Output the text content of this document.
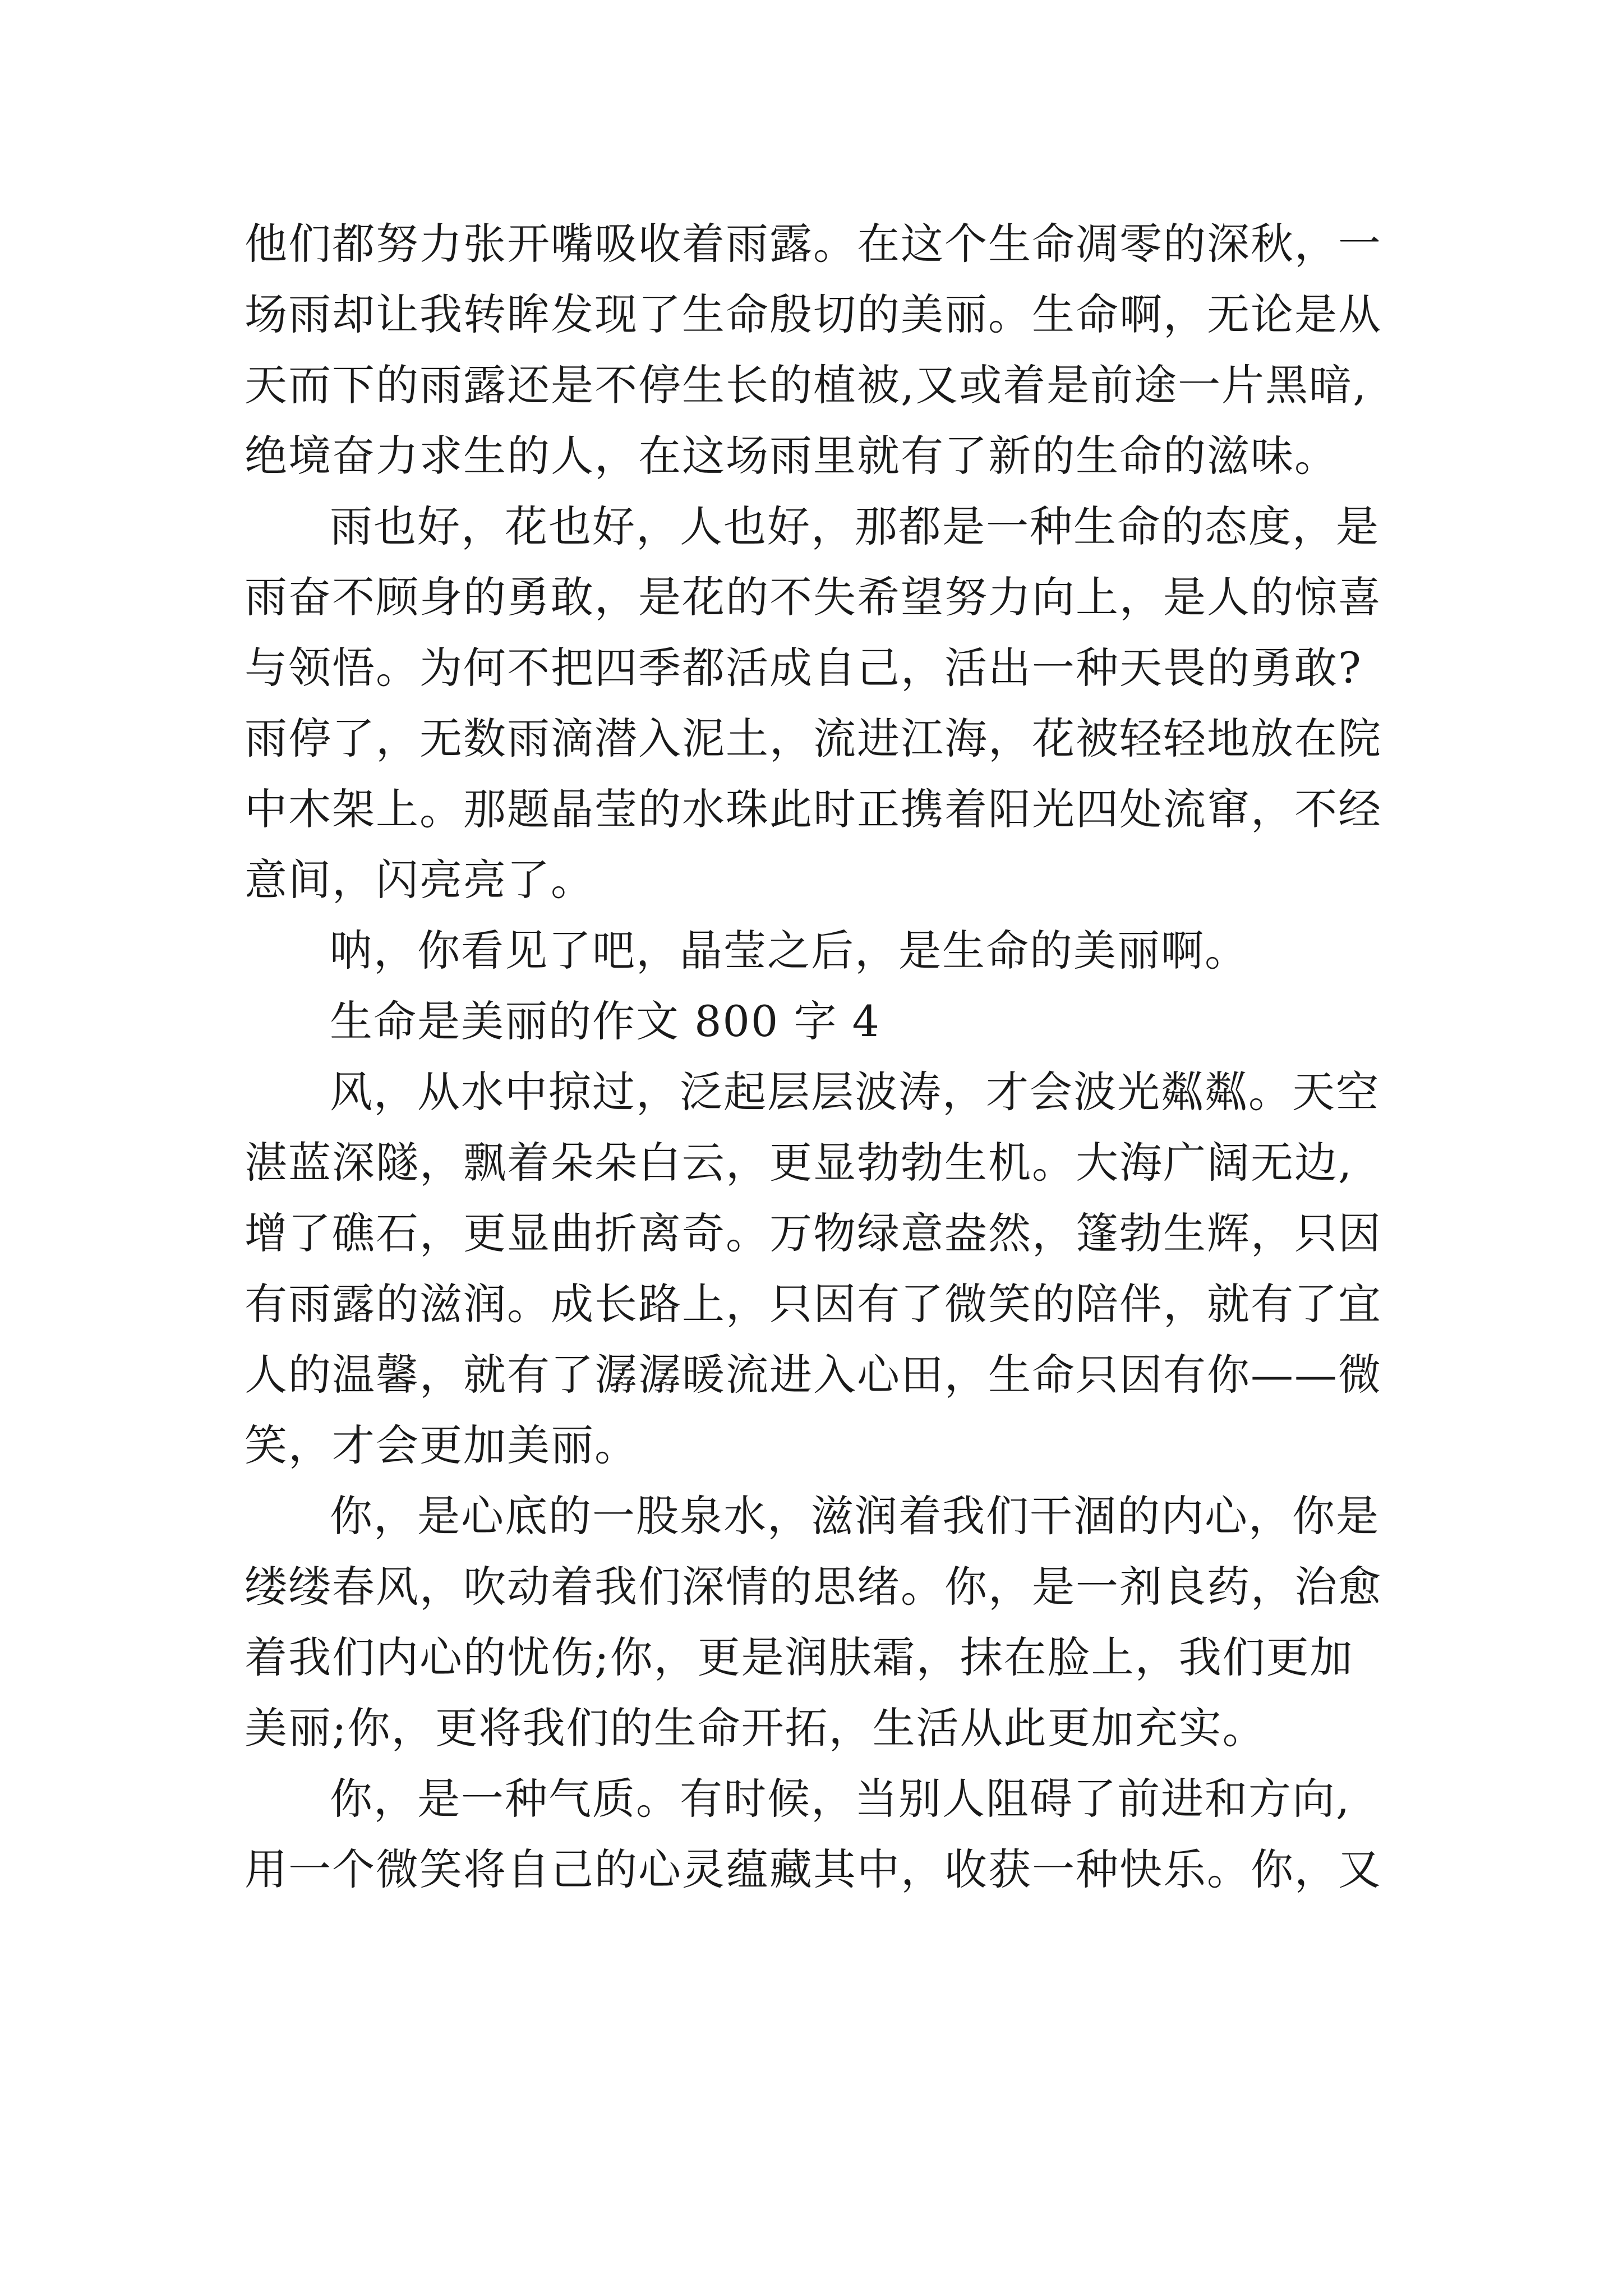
他们都努力张开嘴吸收着雨露。在这个生命凋零的深秋，一
场雨却让我转眸发现了生命殷切的美丽。生命啊，无论是从
天而下的雨露还是不停生长的植被,又或着是前途一片黑暗,
绝境奋力求生的人，在这场雨里就有了新的生命的滋味。
雨也好，花也好，人也好，那都是一种生命的态度，是
雨奋不顾身的勇敢，是花的不失希望努力向上，是人的惊喜
与领悟。为何不把四季都活成自己，活出一种天畏的勇敢?
雨停了，无数雨滴潜入泥土，流进江海，花被轻轻地放在院
中木架上。那题晶莹的水珠此时正携着阳光四处流窜，不经
意间，闪亮亮了。
呐，你看见了吧，晶莹之后，是生命的美丽啊。
生命是美丽的作文 800 字 4
风，从水中掠过，泛起层层波涛，才会波光粼粼。天空
湛蓝深隧，飘着朵朵白云，更显勃勃生机。大海广阔无边,
增了礁石，更显曲折离奇。万物绿意盎然，篷勃生辉，只因
有雨露的滋润。成长路上，只因有了微笑的陪伴，就有了宜
人的温馨，就有了潺潺暖流进入心田，生命只因有你——微
笑，才会更加美丽。
你，是心底的一股泉水，滋润着我们干涸的内心，你是
缕缕春风，吹动着我们深情的思绪。你，是一剂良药，治愈
着我们内心的忧伤;你，更是润肤霜，抹在脸上，我们更加
美丽;你，更将我们的生命开拓，生活从此更加充实。
你，是一种气质。有时候，当别人阻碍了前进和方向,
用一个微笑将自己的心灵蕴藏其中，收获一种快乐。你，又
